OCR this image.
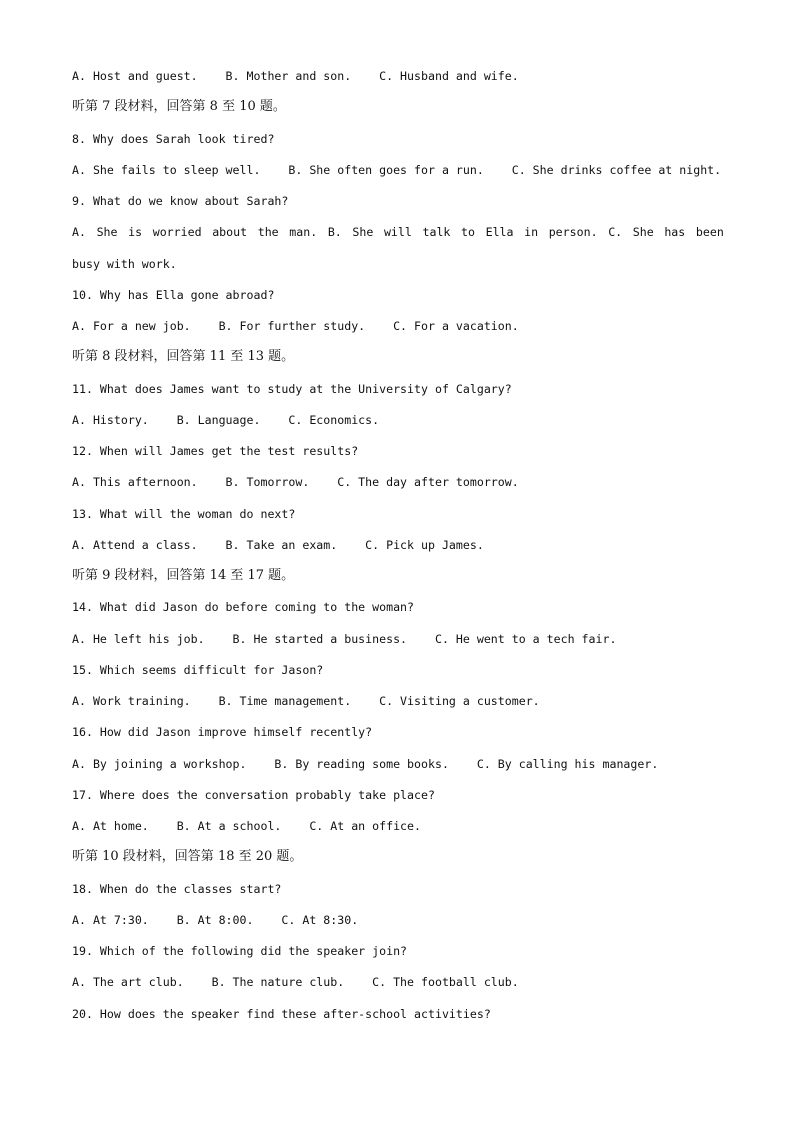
A. Host and guest.    B. Mother and son.    C. Husband and wife.
听第 7 段材料，回答第 8 至 10 题。
8. Why does Sarah look tired?
A. She fails to sleep well.    B. She often goes for a run.    C. She drinks coffee at night.
9. What do we know about Sarah?
A. She is worried about the man. B. She will talk to Ella in person. C. She has been
busy with work.
10. Why has Ella gone abroad?
A. For a new job.    B. For further study.    C. For a vacation.
听第 8 段材料，回答第 11 至 13 题。
11. What does James want to study at the University of Calgary?
A. History.    B. Language.    C. Economics.
12. When will James get the test results?
A. This afternoon.    B. Tomorrow.    C. The day after tomorrow.
13. What will the woman do next?
A. Attend a class.    B. Take an exam.    C. Pick up James.
听第 9 段材料，回答第 14 至 17 题。
14. What did Jason do before coming to the woman?
A. He left his job.    B. He started a business.    C. He went to a tech fair.
15. Which seems difficult for Jason?
A. Work training.    B. Time management.    C. Visiting a customer.
16. How did Jason improve himself recently?
A. By joining a workshop.    B. By reading some books.    C. By calling his manager.
17. Where does the conversation probably take place?
A. At home.    B. At a school.    C. At an office.
听第 10 段材料，回答第 18 至 20 题。
18. When do the classes start?
A. At 7:30.    B. At 8:00.    C. At 8:30.
19. Which of the following did the speaker join?
A. The art club.    B. The nature club.    C. The football club.
20. How does the speaker find these after-school activities?
